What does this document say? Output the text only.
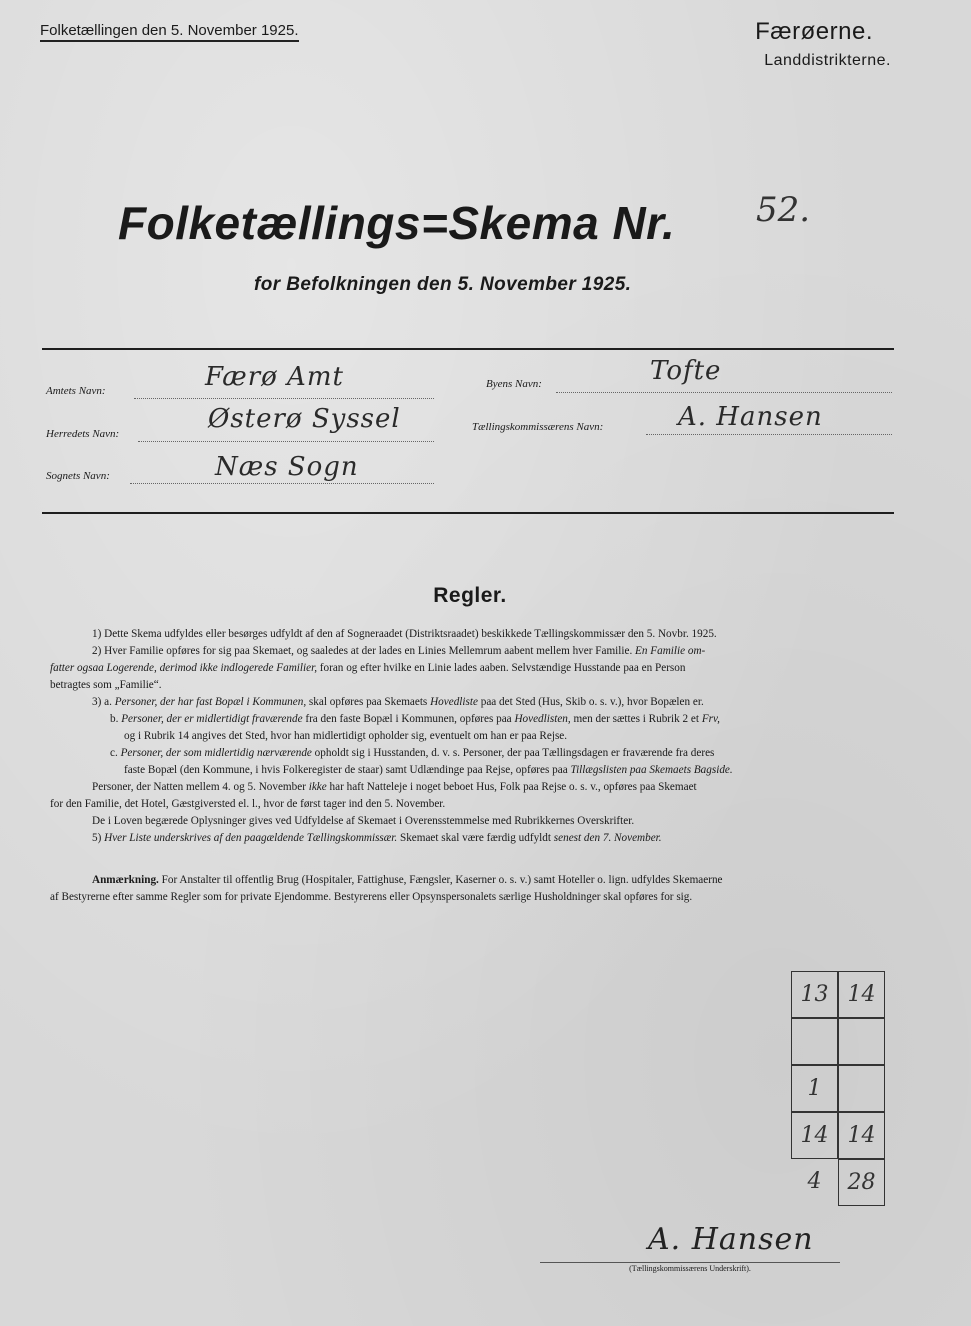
Folketællingen den 5. November 1925.	Færøerne.
Landdistrikterne.
Folketællings=Skema Nr. 52.
for Befolkningen den 5. November 1925.
Amtets Navn:	Færø Amt	Byens Navn:	Tofte
Herredets Navn:	Østerø Syssel	Tællingskommissærens Navn:	A. Hansen
Sognets Navn:	Næs Sogn
Regler.
1) Dette Skema udfyldes eller besørges udfyldt af den af Sogneraadet (Distriktsraadet) beskikkede Tællingskommissær den 5. Novbr. 1925.
2) Hver Familie opføres for sig paa Skemaet, og saaledes at der lades en Linies Mellemrum aabent mellem hver Familie. En Familie om-
fatter ogsaa Logerende, derimod ikke indlogerede Familier, foran og efter hvilke en Linie lades aaben. Selvstændige Husstande paa en Person
betragtes som „Familie“.
3) a. Personer, der har fast Bopæl i Kommunen, skal opføres paa Skemaets Hovedliste paa det Sted (Hus, Skib o. s. v.), hvor Bopælen er.
b. Personer, der er midlertidigt fraværende fra den faste Bopæl i Kommunen, opføres paa Hovedlisten, men der sættes i Rubrik 2 et Frv,
og i Rubrik 14 angives det Sted, hvor han midlertidigt opholder sig, eventuelt om han er paa Rejse.
c. Personer, der som midlertidig nærværende opholdt sig i Husstanden, d. v. s. Personer, der paa Tællingsdagen er fraværende fra deres
faste Bopæl (den Kommune, i hvis Folkeregister de staar) samt Udlændinge paa Rejse, opføres paa Tillægslisten paa Skemaets Bagside.
Personer, der Natten mellem 4. og 5. November ikke har haft Natteleje i noget beboet Hus, Folk paa Rejse o. s. v., opføres paa Skemaet
for den Familie, det Hotel, Gæstgiversted el. l., hvor de først tager ind den 5. November.
De i Loven begærede Oplysninger gives ved Udfyldelse af Skemaet i Overensstemmelse med Rubrikkernes Overskrifter.
5) Hver Liste underskrives af den paagældende Tællingskommissær. Skemaet skal være færdig udfyldt senest den 7. November.
Anmærkning. For Anstalter til offentlig Brug (Hospitaler, Fattighuse, Fængsler, Kaserner o. s. v.) samt Hoteller o. lign. udfyldes Skemaerne
af Bestyrerne efter samme Regler som for private Ejendomme. Bestyrerens eller Opsynspersonalets særlige Husholdninger skal opføres for sig.
13 14
1
14 14
4	28
A. Hansen
(Tællingskommissærens Underskrift).
